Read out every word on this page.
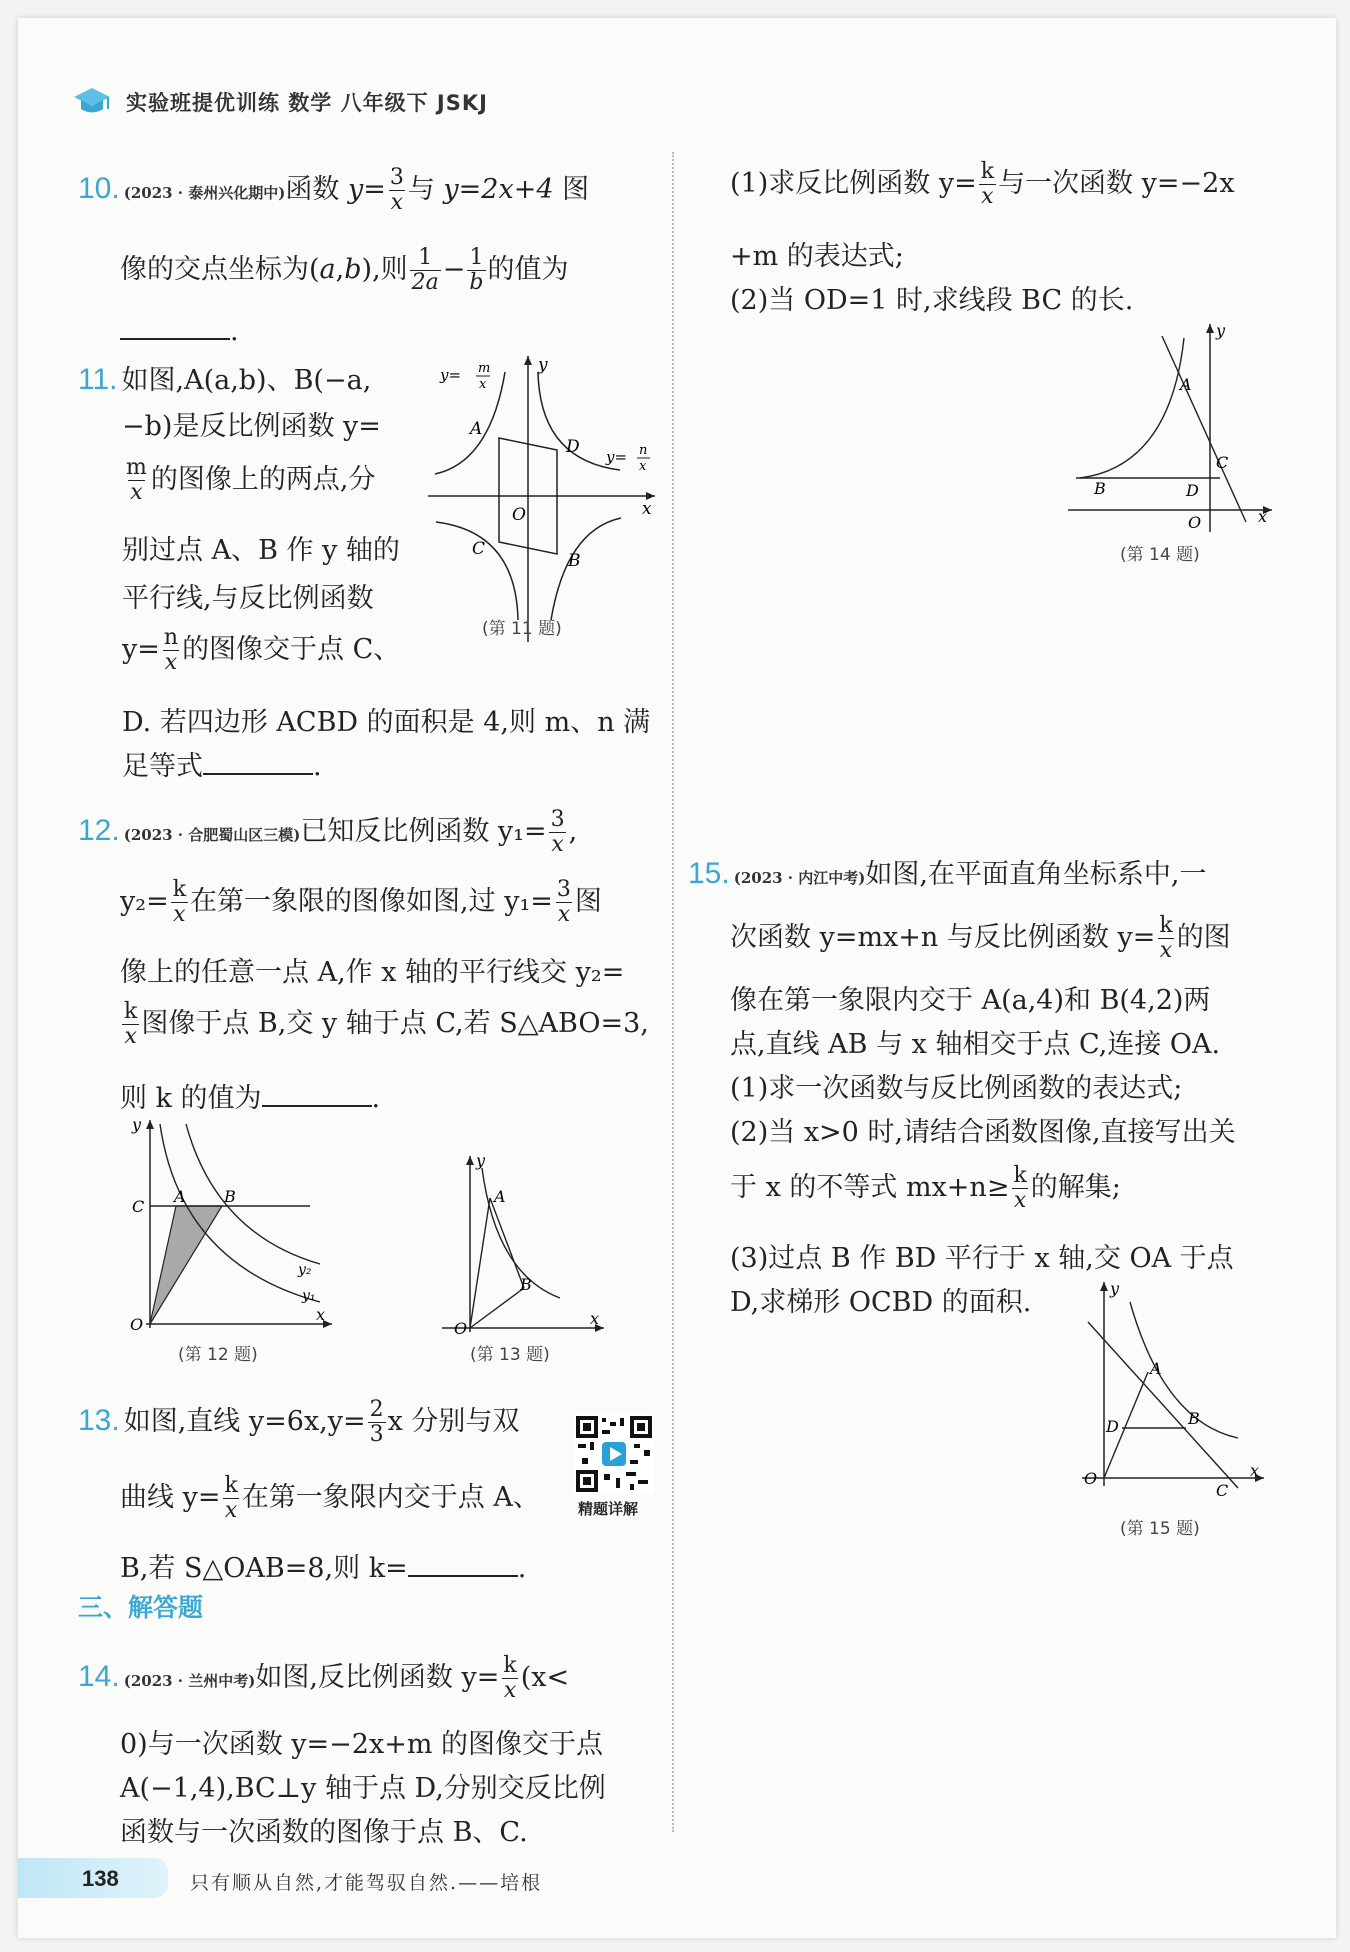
实验班提优训练 数学 八年级下 JSKJ
10. (2023 · 泰州兴化期中)函数 $y= \frac{3}{x}$ 与 y=2x+4 图
像的交点坐标为(a,b),则 $\frac{1}{2a} - \frac{1}{b}$ 的值为
.
11. 如图,A(a,b)、B(−a,
−b)是反比例函数 y=
$\frac{m}{x}$ 的图像上的两点,分
别过点 A、B 作 y 轴的
平行线,与反比例函数
$y= \frac{n}{x}$ 的图像交于点 C、
D. 若四边形 ACBD 的面积是 4,则 m、n 满
足等式	.
y= m
x
y= n
x
y
x
O
A
D
C
B
(第 11 题)
12. (2023 · 合肥蜀山区三模)已知反比例函数 $y_1= \frac{3}{x}$ ,
$y_2= \frac{k}{x}$ 在第一象限的图像如图,过 $y_1= \frac{3}{x}$ 图
像上的任意一点 A,作 x 轴的平行线交 y₂=
$\frac{k}{x}$ 图像于点 B,交 y 轴于点 C,若 S△ABO=3,
则 k 的值为	.
y
x
O
C
A B
y₂
y₁
(第 12 题)
y
x
O
A
B
(第 13 题)
13. 如图,直线 $y=6x,y= \frac{2}{3}$ x 分别与双
曲线 $y= \frac{k}{x}$ 在第一象限内交于点 A、
B,若 S△OAB=8,则 k=	.
精题详解
三、解答题
14. (2023 · 兰州中考)如图,反比例函数 $y= \frac{k}{x} (x<$
0)与一次函数 y=−2x+m 的图像交于点
A(−1,4),BC⊥y 轴于点 D,分别交反比例
函数与一次函数的图像于点 B、C.
(1)求反比例函数 $y= \frac{k}{x}$ 与一次函数 y=−2x
+m 的表达式;
(2)当 OD=1 时,求线段 BC 的长.
y
x
O
A
B
C
D
(第 14 题)
15. (2023 · 内江中考)如图,在平面直角坐标系中,一
次函数 y=mx+n 与反比例函数 $y= \frac{k}{x}$ 的图
像在第一象限内交于 A(a,4)和 B(4,2)两
点,直线 AB 与 x 轴相交于点 C,连接 OA.
(1)求一次函数与反比例函数的表达式;
(2)当 x>0 时,请结合函数图像,直接写出关
于 x 的不等式 $mx+n\ge \frac{k}{x}$ 的解集;
(3)过点 B 作 BD 平行于 x 轴,交 OA 于点
D,求梯形 OCBD 的面积.	y
x
O
A
B
D
C
(第 15 题)
138	只有顺从自然,才能驾驭自然.——培根
